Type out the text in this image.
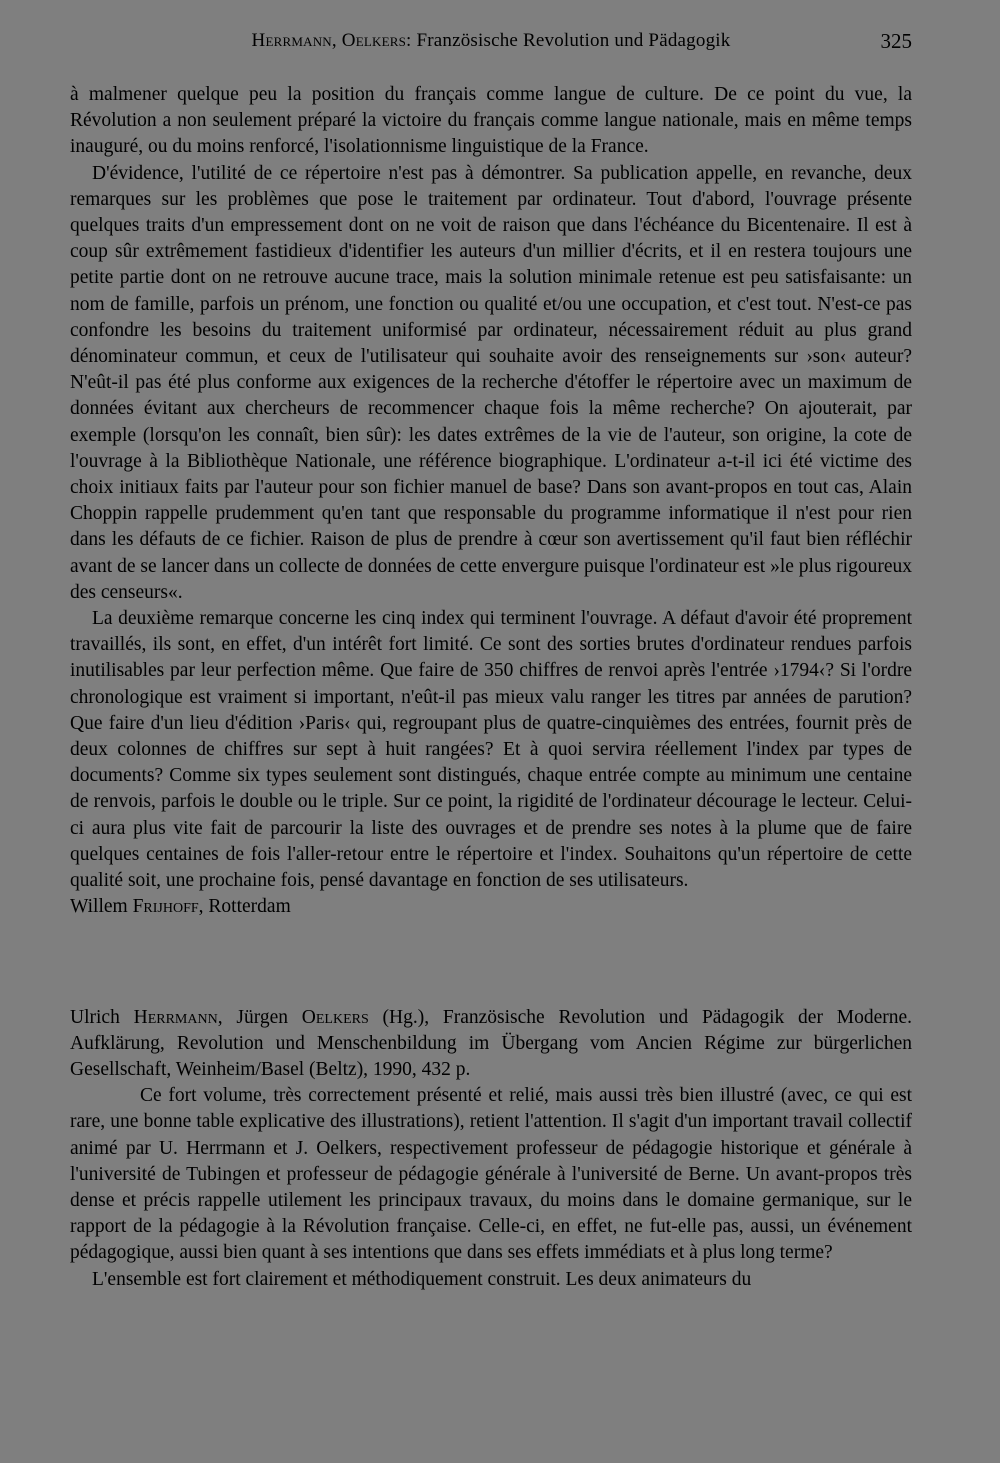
Herrmann, Oelkers: Französische Revolution und Pädagogik	325

à malmener quelque peu la position du français comme langue de culture. De ce point du vue, la Révolution a non seulement préparé la victoire du français comme langue nationale, mais en même temps inauguré, ou du moins renforcé, l'isolationnisme linguistique de la France.

D'évidence, l'utilité de ce répertoire n'est pas à démontrer. Sa publication appelle, en revanche, deux remarques sur les problèmes que pose le traitement par ordinateur. Tout d'abord, l'ouvrage présente quelques traits d'un empressement dont on ne voit de raison que dans l'échéance du Bicentenaire. Il est à coup sûr extrêmement fastidieux d'identifier les auteurs d'un millier d'écrits, et il en restera toujours une petite partie dont on ne retrouve aucune trace, mais la solution minimale retenue est peu satisfaisante: un nom de famille, parfois un prénom, une fonction ou qualité et/ou une occupation, et c'est tout. N'est-ce pas confondre les besoins du traitement uniformisé par ordinateur, nécessairement réduit au plus grand dénominateur commun, et ceux de l'utilisateur qui souhaite avoir des renseignements sur ›son‹ auteur? N'eût-il pas été plus conforme aux exigences de la recherche d'étoffer le répertoire avec un maximum de données évitant aux chercheurs de recommencer chaque fois la même recherche? On ajouterait, par exemple (lorsqu'on les connaît, bien sûr): les dates extrêmes de la vie de l'auteur, son origine, la cote de l'ouvrage à la Bibliothèque Nationale, une référence biographique. L'ordinateur a-t-il ici été victime des choix initiaux faits par l'auteur pour son fichier manuel de base? Dans son avant-propos en tout cas, Alain Choppin rappelle prudemment qu'en tant que responsable du programme informatique il n'est pour rien dans les défauts de ce fichier. Raison de plus de prendre à cœur son avertissement qu'il faut bien réfléchir avant de se lancer dans un collecte de données de cette envergure puisque l'ordinateur est »le plus rigoureux des censeurs«.

La deuxième remarque concerne les cinq index qui terminent l'ouvrage. A défaut d'avoir été proprement travaillés, ils sont, en effet, d'un intérêt fort limité. Ce sont des sorties brutes d'ordinateur rendues parfois inutilisables par leur perfection même. Que faire de 350 chiffres de renvoi après l'entrée ›1794‹? Si l'ordre chronologique est vraiment si important, n'eût-il pas mieux valu ranger les titres par années de parution? Que faire d'un lieu d'édition ›Paris‹ qui, regroupant plus de quatre-cinquièmes des entrées, fournit près de deux colonnes de chiffres sur sept à huit rangées? Et à quoi servira réellement l'index par types de documents? Comme six types seulement sont distingués, chaque entrée compte au minimum une centaine de renvois, parfois le double ou le triple. Sur ce point, la rigidité de l'ordinateur décourage le lecteur. Celui-ci aura plus vite fait de parcourir la liste des ouvrages et de prendre ses notes à la plume que de faire quelques centaines de fois l'aller-retour entre le répertoire et l'index. Souhaitons qu'un répertoire de cette qualité soit, une prochaine fois, pensé davantage en fonction de ses utilisateurs.

Willem Frijhoff, Rotterdam

Ulrich Herrmann, Jürgen Oelkers (Hg.), Französische Revolution und Pädagogik der Moderne. Aufklärung, Revolution und Menschenbildung im Übergang vom Ancien Régime zur bürgerlichen Gesellschaft, Weinheim/Basel (Beltz), 1990, 432 p.

Ce fort volume, très correctement présenté et relié, mais aussi très bien illustré (avec, ce qui est rare, une bonne table explicative des illustrations), retient l'attention. Il s'agit d'un important travail collectif animé par U. Herrmann et J. Oelkers, respectivement professeur de pédagogie historique et générale à l'université de Tubingen et professeur de pédagogie générale à l'université de Berne. Un avant-propos très dense et précis rappelle utilement les principaux travaux, du moins dans le domaine germanique, sur le rapport de la pédagogie à la Révolution française. Celle-ci, en effet, ne fut-elle pas, aussi, un événement pédagogique, aussi bien quant à ses intentions que dans ses effets immédiats et à plus long terme?

L'ensemble est fort clairement et méthodiquement construit. Les deux animateurs du
